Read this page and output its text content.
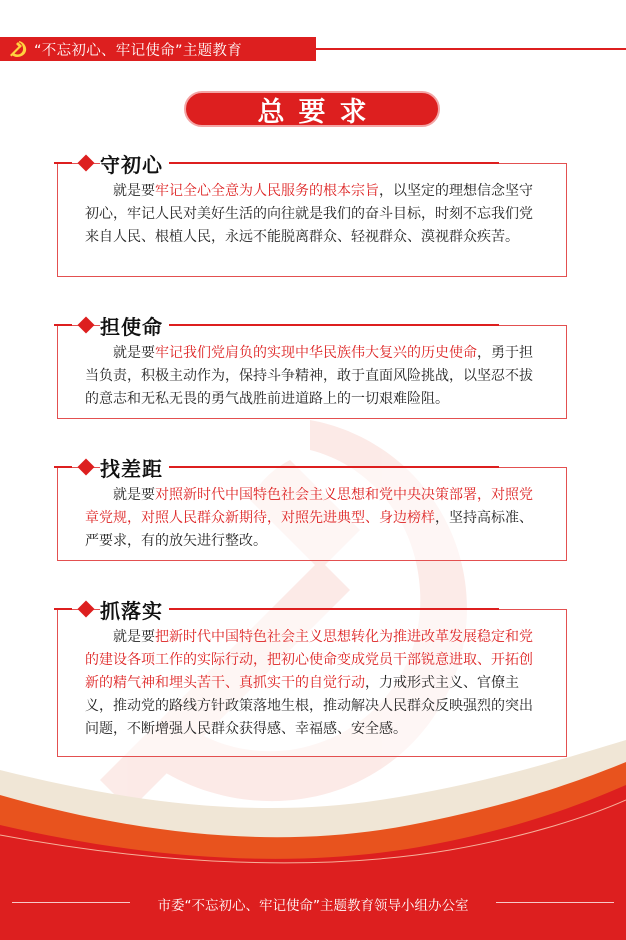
“不忘初心、牢记使命”主题教育
总要求
守初心

就是要牢记全心全意为人民服务的根本宗旨，以坚定的理想信念坚守初心，牢记人民对美好生活的向往就是我们的奋斗目标，时刻不忘我们党来自人民、根植人民，永远不能脱离群众、轻视群众、漠视群众疾苦。

担使命

就是要牢记我们党肩负的实现中华民族伟大复兴的历史使命，勇于担当负责，积极主动作为，保持斗争精神，敢于直面风险挑战，以坚忍不拔的意志和无私无畏的勇气战胜前进道路上的一切艰难险阻。

找差距

就是要对照新时代中国特色社会主义思想和党中央决策部署，对照党章党规，对照人民群众新期待，对照先进典型、身边榜样，坚持高标准、严要求，有的放矢进行整改。

抓落实

就是要把新时代中国特色社会主义思想转化为推进改革发展稳定和党的建设各项工作的实际行动，把初心使命变成党员干部锐意进取、开拓创新的精气神和埋头苦干、真抓实干的自觉行动，力戒形式主义、官僚主义，推动党的路线方针政策落地生根，推动解决人民群众反映强烈的突出问题，不断增强人民群众获得感、幸福感、安全感。

市委“不忘初心、牢记使命”主题教育领导小组办公室
